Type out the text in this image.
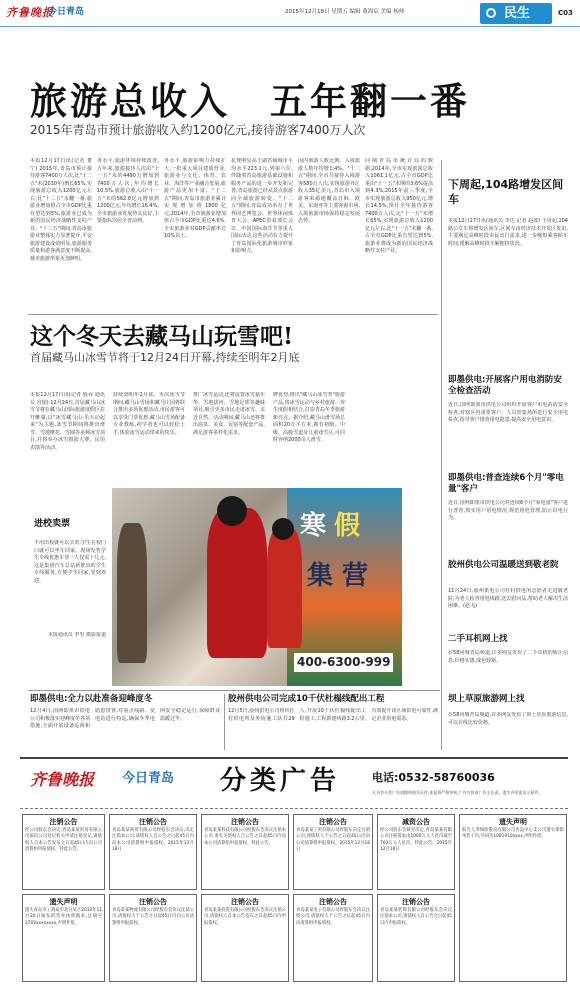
齐鲁晚报
今日青岛	2015年12月18日 星期五 编辑 董海宸 美编 杨帅	民生	C03
旅游总收入　五年翻一番
2015年青岛市预计旅游收入约1200亿元,接待游客7400万人次
本报12月17日讯(记者 董宁) 2015年,青岛市预计接待游客7400万人次,比"十二五"末(2010年)增长65%,实现旅游总收入1200亿元左右,比"十二五"末翻一番,旅游业增加值占全市GDP比重有望达到5%,旅游业已成为新的国民经济战略性支柱产业。"十二五"期间,青岛市旅游业整体实力显著提升,平安旅游建设成效明显,旅游服务质量和游客满意度不断提高,城市旅游形象更加鲜明。
务水平,旅游环境持续改善,五年来,旅游接待人次由"十一五"末的4490万增加到7400万人次,年均增长10.5%,旅游总收入由"十一五"末的562.8亿元增加到1200亿元,年均增长16.4%,全市旅游业发展势头良好,主要指标均居全省前列。
务水平,旅游影响力持续扩大,一批重大项目建成营业,旅游业与文化、体育、农业、海洋等产业融合发展,旅游产品更加丰富。"十二五"期间,青岛市旅游业累计实现增加值1800亿元,2014年,全市旅游业增加值占全市GDP比重达4.6%,全市旅游业对GDP贡献率达10%以上。
花费明显高于副省级城市平均水平223.1元,列第六位,伴随着青岛旅游基础设施和服务产品的进一步开发和完善,青岛旅游已经从景点旅游向全域旅游转变。"十二五"期间,青岛成功举办了世界园艺博览会、世界休闲体育大会、APEC贸易部长会议、中国国际海洋节等重大国际活动,这些活动有力提升了青岛国际化旅游城市形象和影响力。
国内旅游人数比例、入境旅游人数年均增长4%。"十二五"期间,全市共接待入境游客580万人次,实现旅游外汇收入35亿美元,青岛市入境游客来源地覆盖日韩、欧美、东南亚等主要客源市场,入境旅游市场保持稳定发展态势。
同期青岛市统计局的数据,2014年,全市实现旅游总收入1061.1亿元,占全市GDP比重由"十一五"末期的3.6%提高到4.3%,2015年前三季度,全市实现旅游总收入950亿元,增长14.5%,预计全年接待游客7400万人次,比"十一五"末增长65%,实现旅游总收入1200亿元左右,比"十一五"末翻一番,占全市GDP比重有望达到5%,旅游业将成为新的国民经济战略性支柱产业。
这个冬天去藏马山玩雪吧!
首届藏马山冰雪节将于12月24日开幕,持续至明年2月底
本报12月17日讯(记者 殷乔 通讯员 宫娟) 12月24日,首届藏马山冰雪节将在藏马山国际旅游度假区拉开帷幕,以"冰雪藏马山·乐天动起来"为主题,冰雪节期间将推出滑雪、雪地摩托、雪圈等多种冰雪项目,并将举办冰雪摄影大赛、民俗表演等活动。
持续到明年2月底。本次冰雪节期间,藏马山雪场和藏马庄园将联合推出多项优惠活动,市民游客可以享受门票优惠,藏马山雪场配备专业教练,初学者也可以轻松上手,体验冰雪运动带来的快乐。
推广冰雪运动,还将设置冰雪嘉年华、雪地拔河、雪地足球等趣味项目,吸引更多市民走进冰雪、亲近自然。活动期间,藏马山还将推出温泉、美食、民宿等配套产品,满足游客多样化需求。
牌优势,推出"藏马山冰雪季"旅游产品,将冰雪运动与乡村旅游、养生度假相结合,打造青岛冬季旅游新亮点。据介绍,藏马山滑雪场总面积20万平方米,拥有初级、中级、高级雪道及儿童戏雪区,可同时容纳2000余人滑雪。
进校卖票
不用出校就可以买票,学生在校门口就可以坐车回家。现场发售学生专线优惠车票一人仅需十几元,这是集团汽车总站新推出的学生专线服务,方便学生回家,受到欢迎。
本报通讯员 李男 摄影报道
寒 假
集 营
400-6300-999
即墨供电:全力以赴准备迎峰度冬
12月4日,国网即墨市供电公司积极落实迎峰度冬各项措施,全面开展设备巡视和隐患排查,对重点线路、变电站进行特巡,确保冬季电网安全稳定运行,保障群众温暖过冬。
胶州供电公司完成10千伏杜榻线配出工程
12月5日,胶州供电公司组织杜村供电所及外协施工队共29人,开展10千伏杜榻线配出工程施工,工程新建线路3.2公里,有效提升该区域供电可靠性,满足企业用电需求。
下周起,104路增发区间车
本报12月17日讯(通讯员 李达 记者 赵波) 下周起,104路公交车将增发区间车,区间车由经济技术开发区发出,主要满足高峰时段市民出行需求,进一步缩短乘客候车时间,缓解高峰时段车厢拥挤状况。
即墨供电:开展客户用电消防安全检查活动
近日,国网即墨市供电公司组织开展客户用电消防安全检查,对辖区内重要客户、人员密集场所进行安全用电检查,指导客户排查用电隐患,提高安全用电意识。
即墨供电:普查连续6个月"零电量"客户
近日,国网即墨市供电公司对连续6个月"零电量"客户进行普查,核实用户用电情况,规范用电管理,防止窃电行为。
胶州供电公司温暖送到敬老院
11月24日,胶州供电公司杜村供电所志愿者走进敬老院,为老人检查用电线路,送去慰问品,帮助老人解决生活困难。(赵飞)
二手耳机网上找
在58同城青岛频道,许多网友发布了二手耳机的转让信息,价格实惠,成色较新。
坝上草原旅游网上找
在58同城青岛频道,许多网友发布了坝上草原旅游信息,可以在线比较价格。
齐鲁晚报 今日青岛 分类广告	电话:0532-58760036
凡刊登分类广告请携带相关证件,本报将严格审核,广告内容由广告主负责。遗失声明需出示原件。
注销公告
经公司股东会决议,青岛某某贸易有限公司拟向公司登记机关申请注销登记,请债权人自本公告发布之日起45日内向公司清算组申报债权。特此公告。
注销公告
青岛某某商贸有限公司经股东会决议,决定注销本公司,请债权人自公告之日起45日内向本公司清算组申报债权。2015年12月18日
注销公告
青岛某某科技有限公司经股东会决议注销本公司,请有关债权人自公告之日起45日内向本公司清算组申报债权。特此公告。
注销公告
青岛某某工贸有限公司经股东决定注销公司,请债权人于公告之日起45日内向公司清算组申报债权。2015年12月18日
减资公告
经公司股东会研究决定,青岛某某有限公司注册资本由1000万元人民币减至760万元人民币。特此公告。2015年12月18日
遗失声明
阳光人寿保险股份有限公司青岛中心支公司遗失保险单若干份,号码为1081910xxxx,声明作废。
遗失声明
遗失青岛市工商局市北分局于2012年11月20日核发的营业执照副本,注册号3702xxxxxxxx,声明作废。
注销公告
青岛某某物流有限公司经股东会决议注销公司,请债权人于公告之日起45日内向公司清算组申报债权。
注销公告
青岛某某投资有限公司经股东会决议注销公司,请债权人自本公告发布之日起45日内申报债权。
注销公告
青岛某某电子有限公司经股东会决议注销公司,请债权人于公告之日起45日内向清算组申报债权。
注销公告
青岛某某装饰有限公司经股东会决议注销本公司,请债权人自公告之日起45日内申报债权。
